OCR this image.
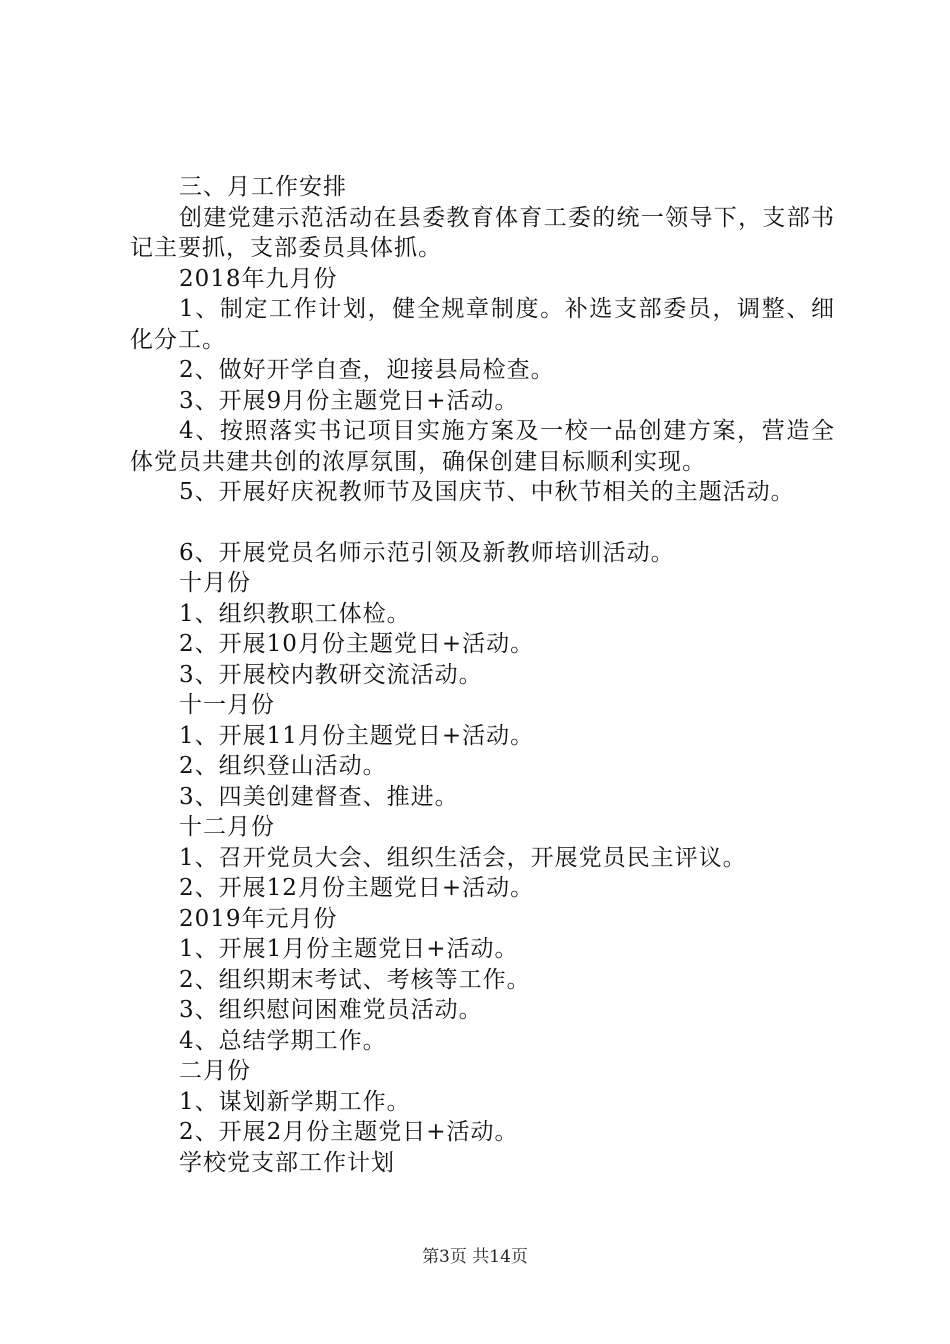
三、月工作安排
创建党建示范活动在县委教育体育工委的统一领导下，支部书记主要抓，支部委员具体抓。
2018年九月份
1、制定工作计划，健全规章制度。补选支部委员，调整、细化分工。
2、做好开学自查，迎接县局检查。
3、开展9月份主题党日+活动。
4、按照落实书记项目实施方案及一校一品创建方案，营造全体党员共建共创的浓厚氛围，确保创建目标顺利实现。
5、开展好庆祝教师节及国庆节、中秋节相关的主题活动。
6、开展党员名师示范引领及新教师培训活动。
十月份
1、组织教职工体检。
2、开展10月份主题党日+活动。
3、开展校内教研交流活动。
十一月份
1、开展11月份主题党日+活动。
2、组织登山活动。
3、四美创建督查、推进。
十二月份
1、召开党员大会、组织生活会，开展党员民主评议。
2、开展12月份主题党日+活动。
2019年元月份
1、开展1月份主题党日+活动。
2、组织期末考试、考核等工作。
3、组织慰问困难党员活动。
4、总结学期工作。
二月份
1、谋划新学期工作。
2、开展2月份主题党日+活动。
学校党支部工作计划
第3页 共14页
